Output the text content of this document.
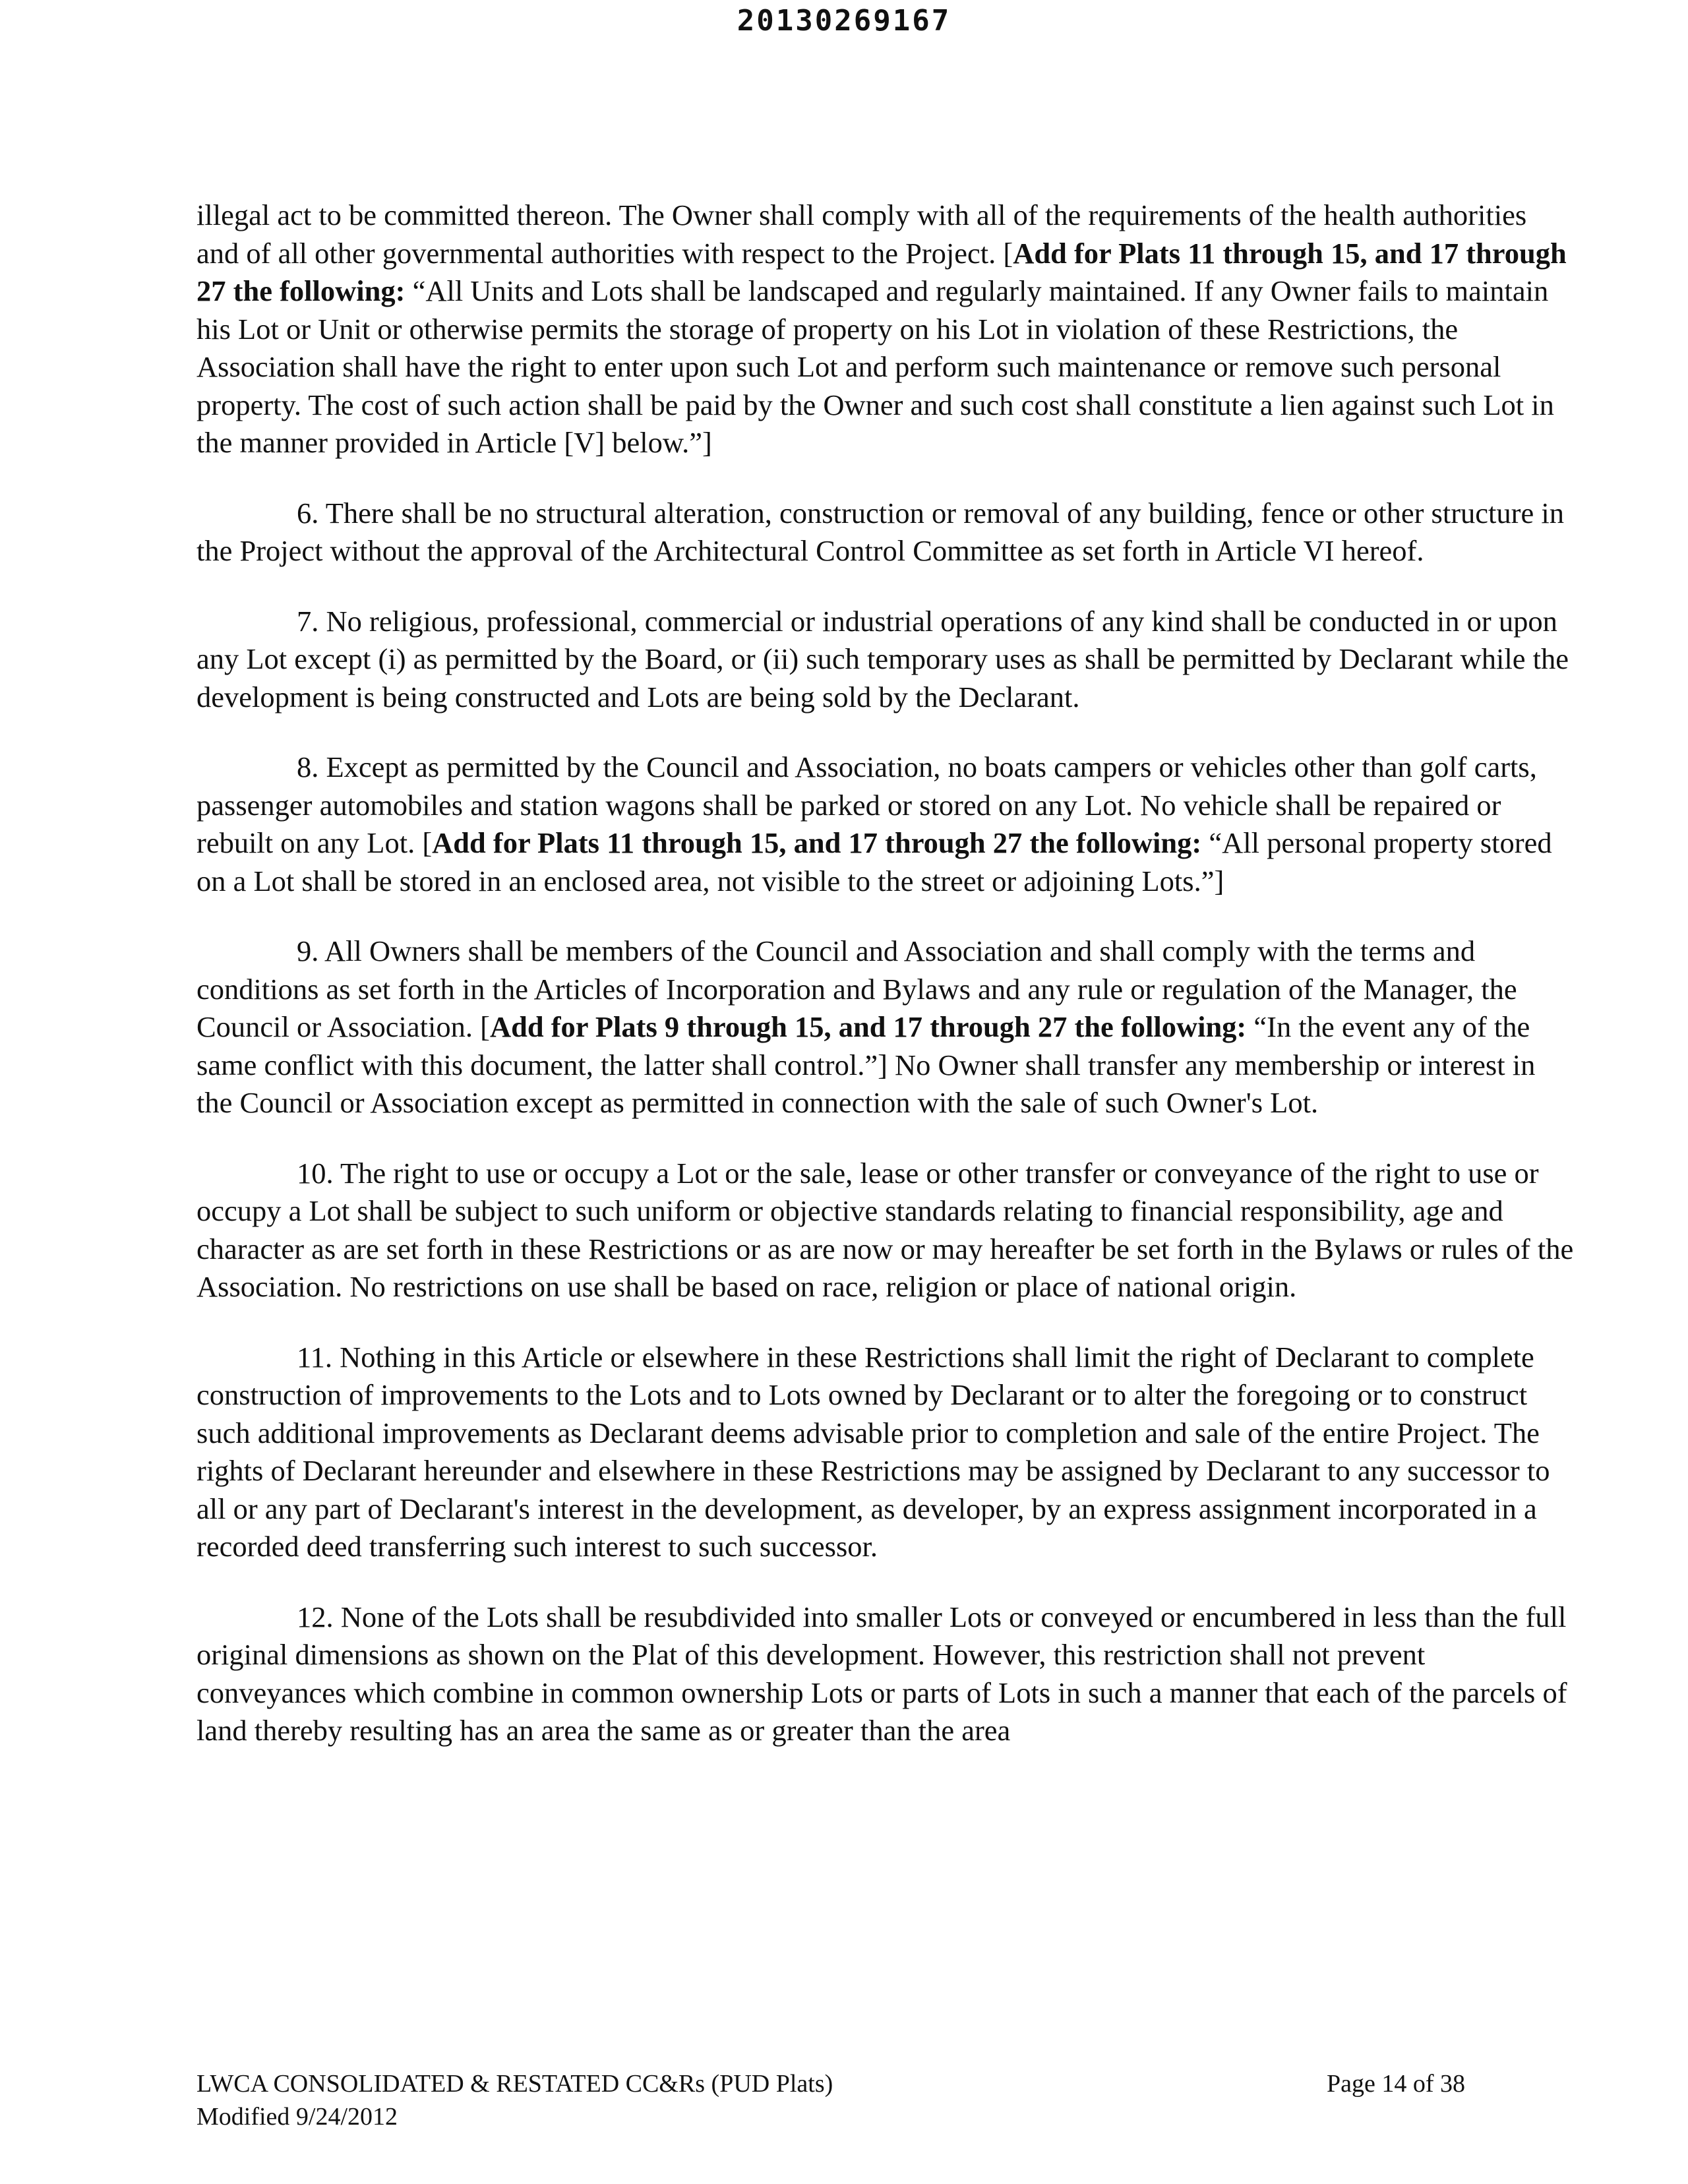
20130269167

illegal act to be committed thereon. The Owner shall comply with all of the requirements of the health authorities and of all other governmental authorities with respect to the Project. [Add for Plats 11 through 15, and 17 through 27 the following: “All Units and Lots shall be landscaped and regularly maintained. If any Owner fails to maintain his Lot or Unit or otherwise permits the storage of property on his Lot in violation of these Restrictions, the Association shall have the right to enter upon such Lot and perform such maintenance or remove such personal property. The cost of such action shall be paid by the Owner and such cost shall constitute a lien against such Lot in the manner provided in Article [V] below.”]

6. There shall be no structural alteration, construction or removal of any building, fence or other structure in the Project without the approval of the Architectural Control Committee as set forth in Article VI hereof.

7. No religious, professional, commercial or industrial operations of any kind shall be conducted in or upon any Lot except (i) as permitted by the Board, or (ii) such temporary uses as shall be permitted by Declarant while the development is being constructed and Lots are being sold by the Declarant.

8. Except as permitted by the Council and Association, no boats campers or vehicles other than golf carts, passenger automobiles and station wagons shall be parked or stored on any Lot. No vehicle shall be repaired or rebuilt on any Lot. [Add for Plats 11 through 15, and 17 through 27 the following: “All personal property stored on a Lot shall be stored in an enclosed area, not visible to the street or adjoining Lots.”]

9. All Owners shall be members of the Council and Association and shall comply with the terms and conditions as set forth in the Articles of Incorporation and Bylaws and any rule or regulation of the Manager, the Council or Association. [Add for Plats 9 through 15, and 17 through 27 the following: “In the event any of the same conflict with this document, the latter shall control.”] No Owner shall transfer any membership or interest in the Council or Association except as permitted in connection with the sale of such Owner's Lot.

10. The right to use or occupy a Lot or the sale, lease or other transfer or conveyance of the right to use or occupy a Lot shall be subject to such uniform or objective standards relating to financial responsibility, age and character as are set forth in these Restrictions or as are now or may hereafter be set forth in the Bylaws or rules of the Association. No restrictions on use shall be based on race, religion or place of national origin.

11. Nothing in this Article or elsewhere in these Restrictions shall limit the right of Declarant to complete construction of improvements to the Lots and to Lots owned by Declarant or to alter the foregoing or to construct such additional improvements as Declarant deems advisable prior to completion and sale of the entire Project. The rights of Declarant hereunder and elsewhere in these Restrictions may be assigned by Declarant to any successor to all or any part of Declarant's interest in the development, as developer, by an express assignment incorporated in a recorded deed transferring such interest to such successor.

12. None of the Lots shall be resubdivided into smaller Lots or conveyed or encumbered in less than the full original dimensions as shown on the Plat of this development. However, this restriction shall not prevent conveyances which combine in common ownership Lots or parts of Lots in such a manner that each of the parcels of land thereby resulting has an area the same as or greater than the area

LWCA CONSOLIDATED & RESTATED CC&Rs (PUD Plats)
Modified 9/24/2012
Page 14 of 38
